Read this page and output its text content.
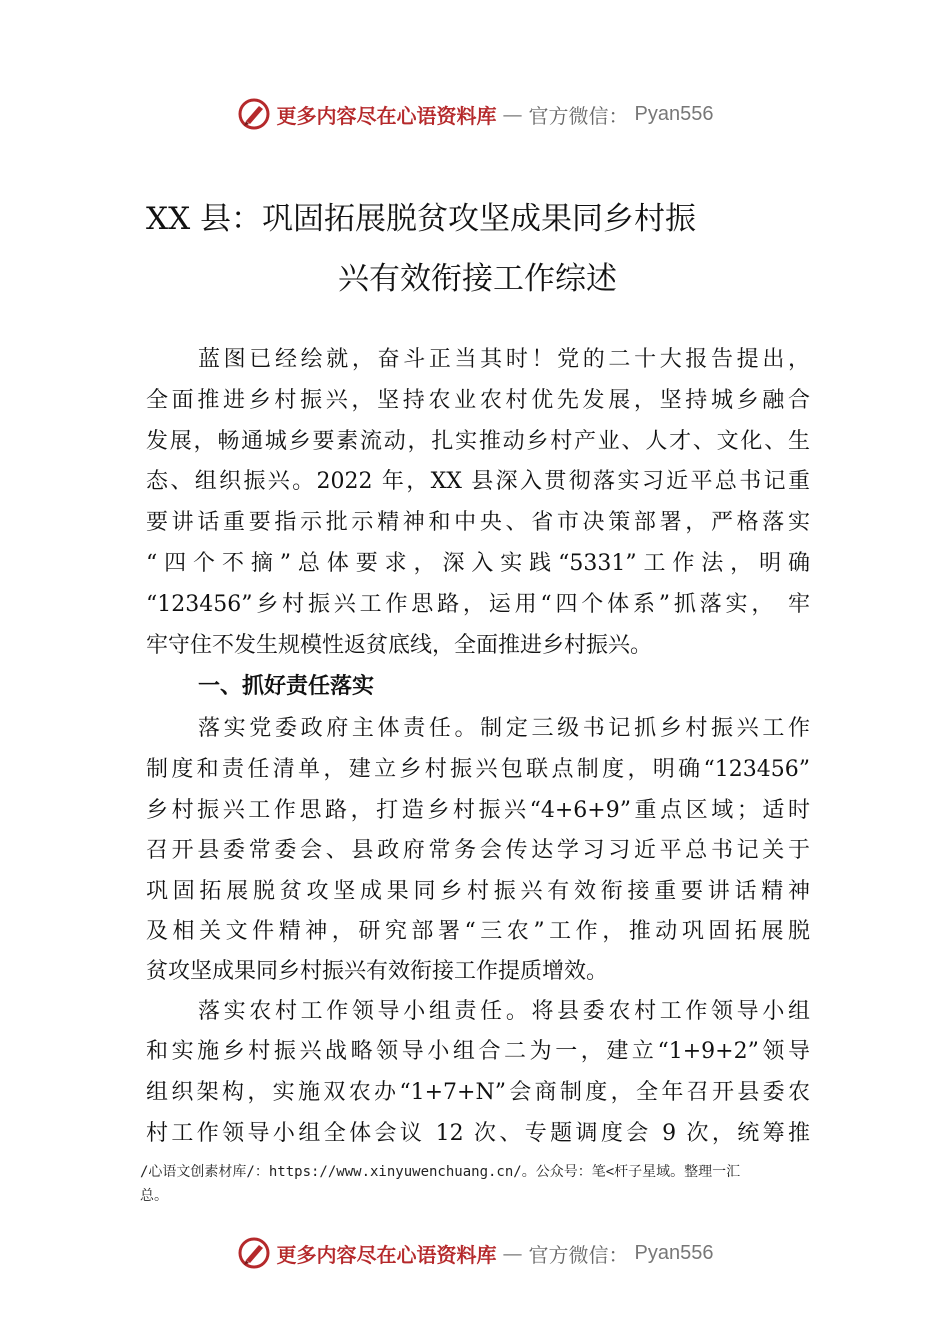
更多内容尽在心语资料库 — 官方微信： Pyan556
XX 县：巩固拓展脱贫攻坚成果同乡村振
兴有效衔接工作综述
蓝图已经绘就，奋斗正当其时！党的二十大报告提出，
全面推进乡村振兴，坚持农业农村优先发展，坚持城乡融合
发展，畅通城乡要素流动，扎实推动乡村产业、人才、文化、生
态、组织振兴。2022 年，XX 县深入贯彻落实习近平总书记重
要讲话重要指示批示精神和中央、省市决策部署，严格落实
“四个不摘”总体要求，深入实践“5331”工作法，明确
“123456”乡村振兴工作思路，运用“四个体系”抓落实， 牢
牢守住不发生规模性返贫底线，全面推进乡村振兴。
一、抓好责任落实
落实党委政府主体责任。制定三级书记抓乡村振兴工作
制度和责任清单，建立乡村振兴包联点制度，明确“123456”
乡村振兴工作思路，打造乡村振兴“4+6+9”重点区域；适时
召开县委常委会、县政府常务会传达学习习近平总书记关于
巩固拓展脱贫攻坚成果同乡村振兴有效衔接重要讲话精神
及相关文件精神，研究部署“三农”工作，推动巩固拓展脱
贫攻坚成果同乡村振兴有效衔接工作提质增效。
落实农村工作领导小组责任。将县委农村工作领导小组
和实施乡村振兴战略领导小组合二为一，建立“1+9+2”领导
组织架构，实施双农办“1+7+N”会商制度，全年召开县委农
村工作领导小组全体会议 12 次、专题调度会 9 次，统筹推
/心语文创素材库/：https://www.xinyuwenchuang.cn/。公众号：笔<杆子星域。整理一汇
总。
更多内容尽在心语资料库 — 官方微信： Pyan556
